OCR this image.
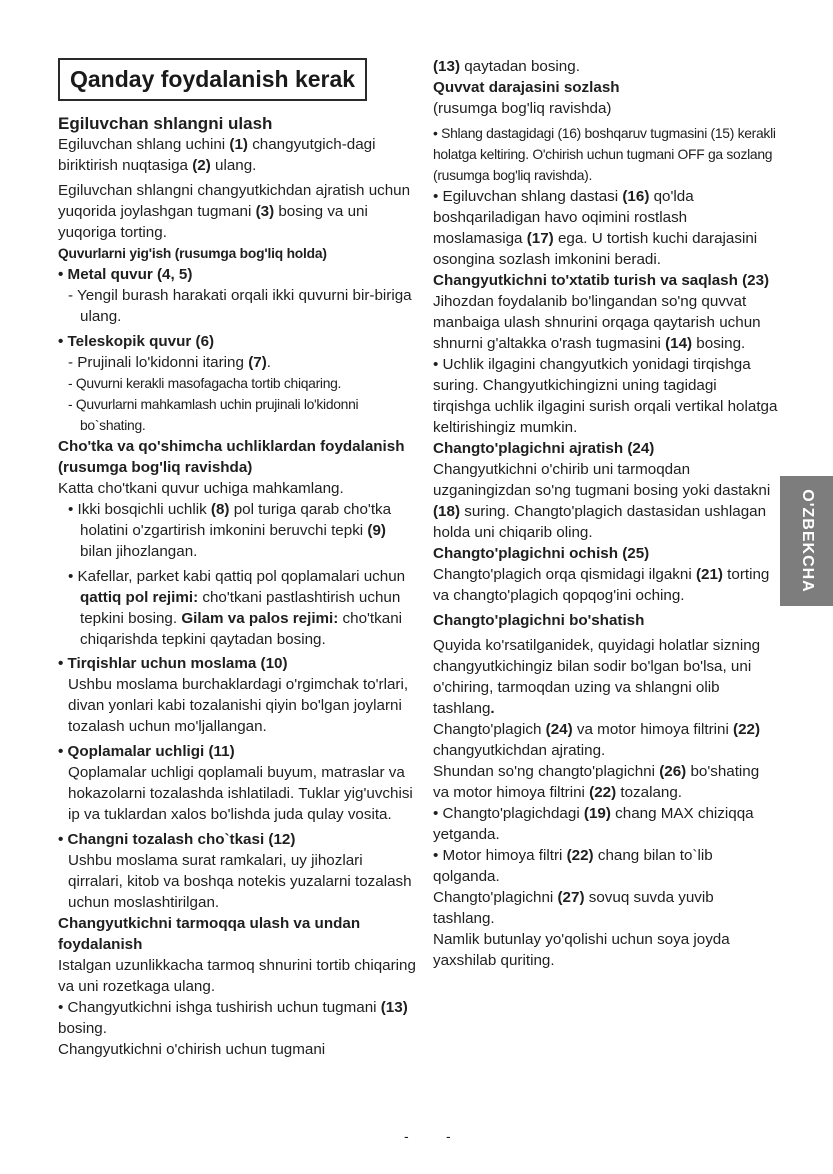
Qanday foydalanish kerak

Egiluvchan shlangni ulash

Egiluvchan shlang uchini (1) changyutgich-dagi biriktirish nuqtasiga (2) ulang.

Egiluvchan shlangni changyutkichdan ajratish uchun yuqorida joylashgan tugmani (3) bosing va uni yuqoriga torting.

Quvurlarni yig'ish (rusumga bog'liq holda)

• Metal quvur (4, 5)

- Yengil burash harakati orqali ikki quvurni bir-biriga ulang.

• Teleskopik quvur (6)

- Prujinali lo'kidonni itaring (7).

- Quvurni kerakli masofagacha tortib chiqaring.

- Quvurlarni mahkamlash uchin prujinali lo'kidonni bo`shating.

Cho'tka va qo'shimcha uchliklardan foydalanish (rusumga bog'liq ravishda)

Katta cho'tkani quvur uchiga mahkamlang.

• Ikki bosqichli uchlik (8) pol turiga qarab cho'tka holatini o'zgartirish imkonini beruvchi tepki (9) bilan jihozlangan.

• Kafellar, parket kabi qattiq pol qoplamalari uchun qattiq pol rejimi: cho'tkani pastlashtirish uchun tepkini bosing. Gilam va palos rejimi: cho'tkani chiqarishda tepkini qaytadan bosing.

• Tirqishlar uchun moslama (10)

Ushbu moslama burchaklardagi o'rgimchak to'rlari, divan yonlari kabi tozalanishi qiyin bo'lgan joylarni tozalash uchun mo'ljallangan.

• Qoplamalar uchligi (11)

Qoplamalar uchligi qoplamali buyum, matraslar va hokazolarni tozalashda ishlatiladi. Tuklar yig'uvchisi ip va tuklardan xalos bo'lishda juda qulay vosita.

• Changni tozalash cho`tkasi (12)

Ushbu moslama surat ramkalari, uy jihozlari qirralari, kitob va boshqa notekis yuzalarni tozalash uchun moslashtirilgan.

Changyutkichni tarmoqqa ulash va undan foydalanish

Istalgan uzunlikkacha tarmoq shnurini tortib chiqaring va uni rozetkaga ulang.

• Changyutkichni ishga tushirish uchun tugmani (13) bosing.

Changyutkichni o'chirish uchun tugmani

(13) qaytadan bosing.

Quvvat darajasini sozlash

(rusumga bog'liq ravishda)

• Shlang dastagidagi (16) boshqaruv tugmasini (15) kerakli holatga keltiring. O'chirish uchun tugmani OFF ga sozlang (rusumga bog'liq ravishda).

• Egiluvchan shlang dastasi (16) qo'lda boshqariladigan havo oqimini rostlash moslamasiga (17) ega. U tortish kuchi darajasini osongina sozlash imkonini beradi.

Changyutkichni to'xtatib turish va saqlash (23)

Jihozdan foydalanib bo'lingandan so'ng quvvat manbaiga ulash shnurini orqaga qaytarish uchun shnurni g'altakka o'rash tugmasini (14) bosing.

• Uchlik ilgagini changyutkich yonidagi tirqishga suring. Changyutkichingizni uning tagidagi tirqishga uchlik ilgagini surish orqali vertikal holatga keltirishingiz mumkin.

Changto'plagichni ajratish (24)

Changyutkichni o'chirib uni tarmoqdan uzganingizdan so'ng tugmani bosing yoki dastakni (18) suring. Changto'plagich dastasidan ushlagan holda uni chiqarib oling.

Changto'plagichni ochish (25)

Changto'plagich orqa qismidagi ilgakni (21) torting va changto'plagich qopqog'ini oching.

Changto'plagichni bo'shatish

Quyida ko'rsatilganidek, quyidagi holatlar sizning changyutkichingiz bilan sodir bo'lgan bo'lsa, uni o'chiring, tarmoqdan uzing va shlangni olib tashlang.

Changto'plagich (24) va motor himoya filtrini (22) changyutkichdan ajrating.

Shundan so'ng changto'plagichni (26) bo'shating va motor himoya filtrini (22) tozalang.

• Changto'plagichdagi (19) chang MAX chiziqqa yetganda.

• Motor himoya filtri (22) chang bilan to`lib qolganda.

Changto'plagichni (27) sovuq suvda yuvib tashlang.

Namlik butunlay yo'qolishi uchun soya joyda yaxshilab quriting.

O'ZBEKCHA
-	-
